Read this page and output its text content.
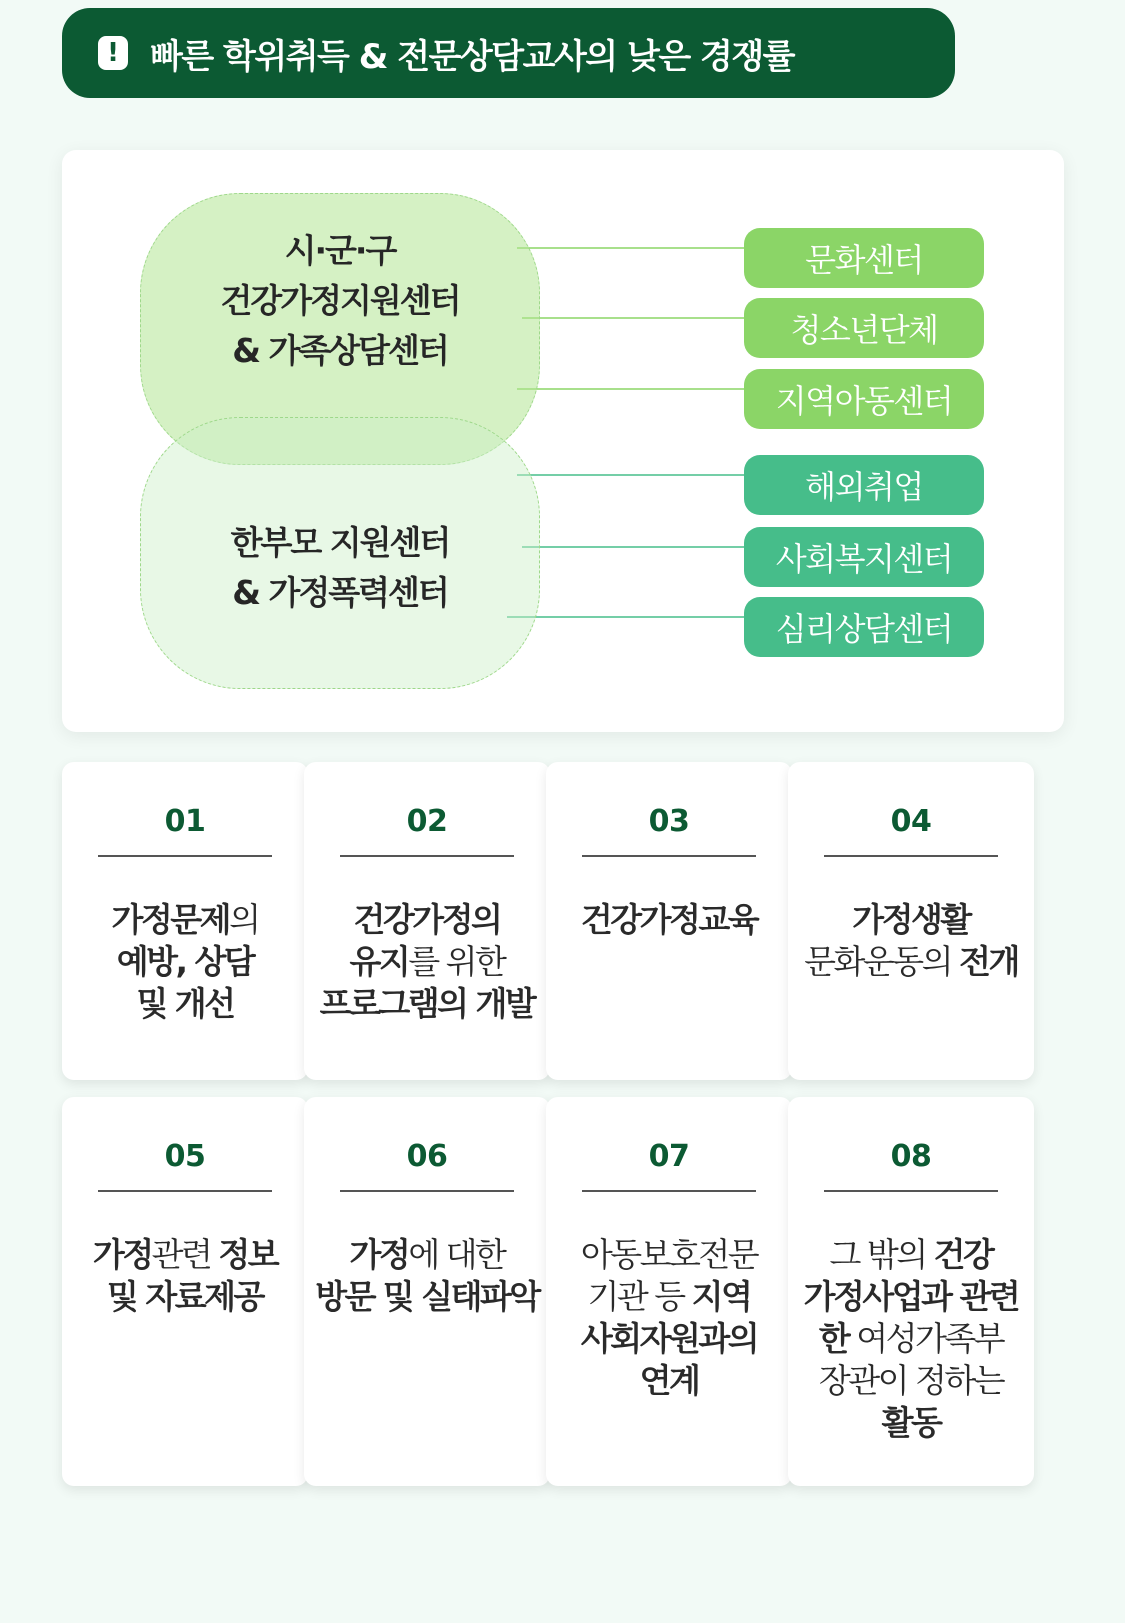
! 빠른 학위취득 & 전문상담교사의 낮은 경쟁률
시·군·구
건강가정지원센터
& 가족상담센터
한부모 지원센터
& 가정폭력센터
문화센터
청소년단체
지역아동센터
해외취업
사회복지센터
심리상담센터
01
가정문제의
예방, 상담
및 개선
02
건강가정의
유지를 위한
프로그램의 개발
03
건강가정교육
04
가정생활
문화운동의 전개
05
가정관련 정보
및 자료제공
06
가정에 대한
방문 및 실태파악
07
아동보호전문
기관 등 지역
사회자원과의
연계
08
그 밖의 건강
가정사업과 관련
한 여성가족부
장관이 정하는
활동
